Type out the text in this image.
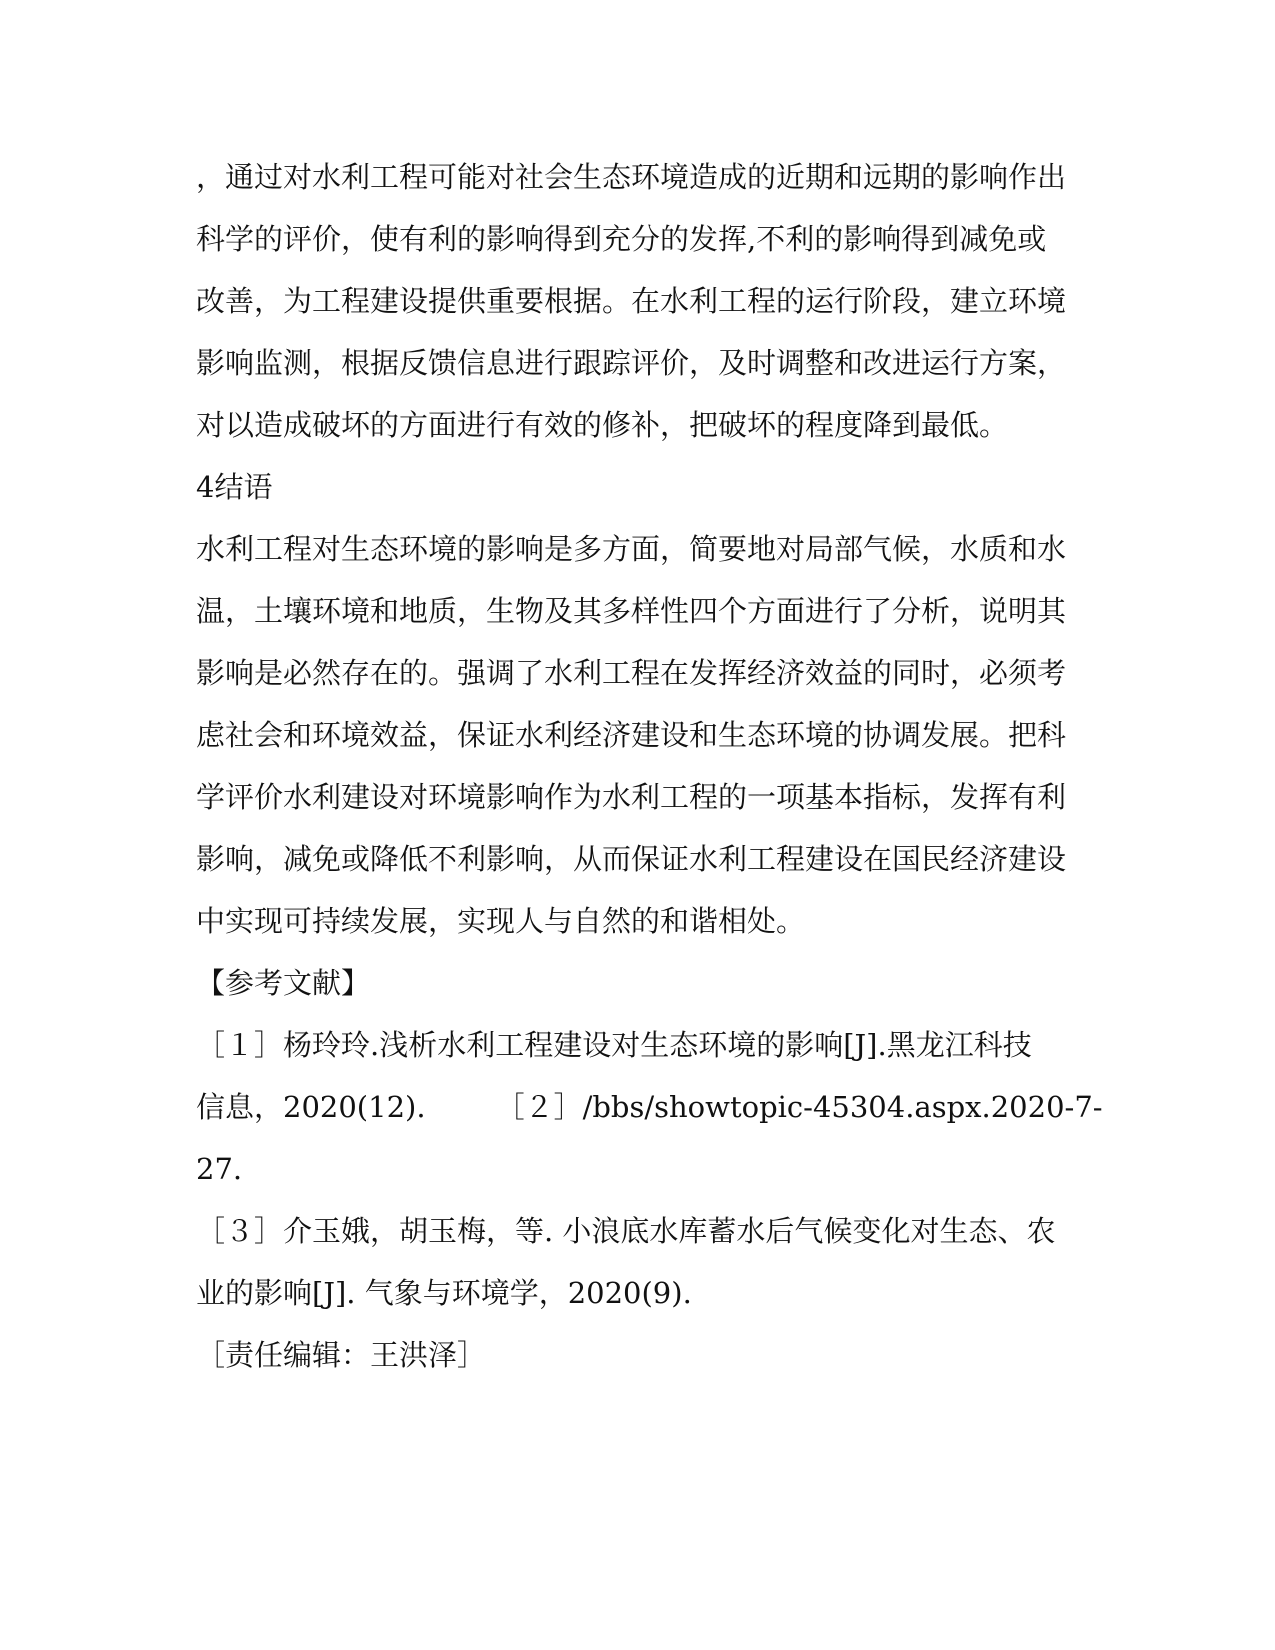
，通过对水利工程可能对社会生态环境造成的近期和远期的影响作出
科学的评价，使有利的影响得到充分的发挥,不利的影响得到减免或
改善，为工程建设提供重要根据。在水利工程的运行阶段，建立环境
影响监测，根据反馈信息进行跟踪评价，及时调整和改进运行方案，
对以造成破坏的方面进行有效的修补，把破坏的程度降到最低。
4结语
水利工程对生态环境的影响是多方面，简要地对局部气候，水质和水
温，土壤环境和地质，生物及其多样性四个方面进行了分析，说明其
影响是必然存在的。强调了水利工程在发挥经济效益的同时，必须考
虑社会和环境效益，保证水利经济建设和生态环境的协调发展。把科
学评价水利建设对环境影响作为水利工程的一项基本指标，发挥有利
影响，减免或降低不利影响，从而保证水利工程建设在国民经济建设
中实现可持续发展，实现人与自然的和谐相处。
【参考文献】
［１］杨玲玲.浅析水利工程建设对生态环境的影响[J].黑龙江科技
信息，2020(12). ［２］/bbs/showtopic-45304.aspx.2020-7-
27.
［３］介玉娥，胡玉梅，等. 小浪底水库蓄水后气候变化对生态、农
业的影响[J]. 气象与环境学，2020(9).
［责任编辑：王洪泽］
